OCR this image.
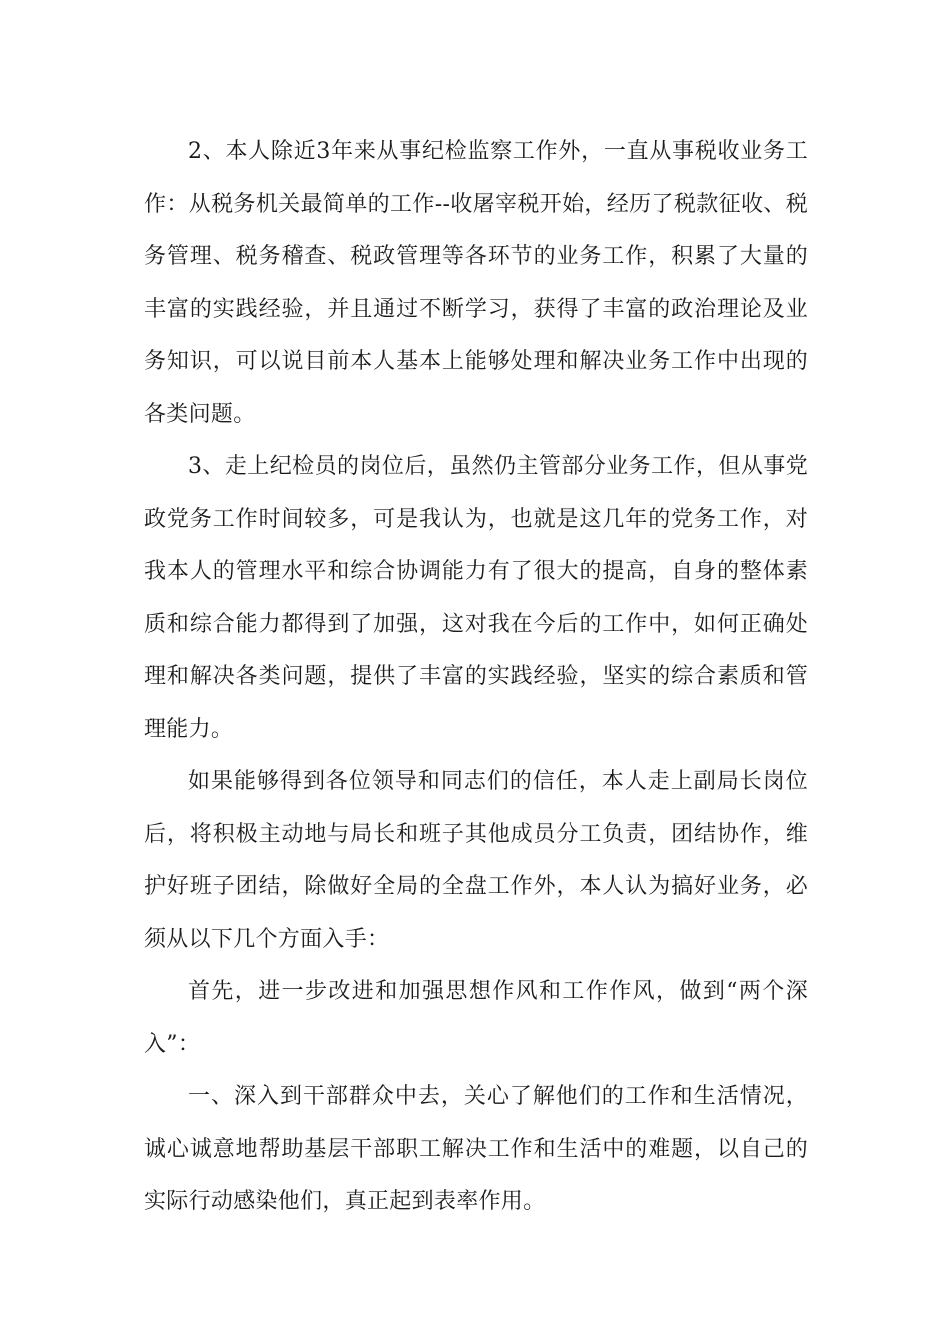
2、本人除近3年来从事纪检监察工作外，一直从事税收业务工作：从税务机关最简单的工作--收屠宰税开始，经历了税款征收、税务管理、税务稽查、税政管理等各环节的业务工作，积累了大量的丰富的实践经验，并且通过不断学习，获得了丰富的政治理论及业务知识，可以说目前本人基本上能够处理和解决业务工作中出现的各类问题。

3、走上纪检员的岗位后，虽然仍主管部分业务工作，但从事党政党务工作时间较多，可是我认为，也就是这几年的党务工作，对我本人的管理水平和综合协调能力有了很大的提高，自身的整体素质和综合能力都得到了加强，这对我在今后的工作中，如何正确处理和解决各类问题，提供了丰富的实践经验，坚实的综合素质和管理能力。

如果能够得到各位领导和同志们的信任，本人走上副局长岗位后，将积极主动地与局长和班子其他成员分工负责，团结协作，维护好班子团结，除做好全局的全盘工作外，本人认为搞好业务，必须从以下几个方面入手：

首先，进一步改进和加强思想作风和工作作风，做到“两个深入”：

一、深入到干部群众中去，关心了解他们的工作和生活情况，诚心诚意地帮助基层干部职工解决工作和生活中的难题，以自己的实际行动感染他们，真正起到表率作用。
